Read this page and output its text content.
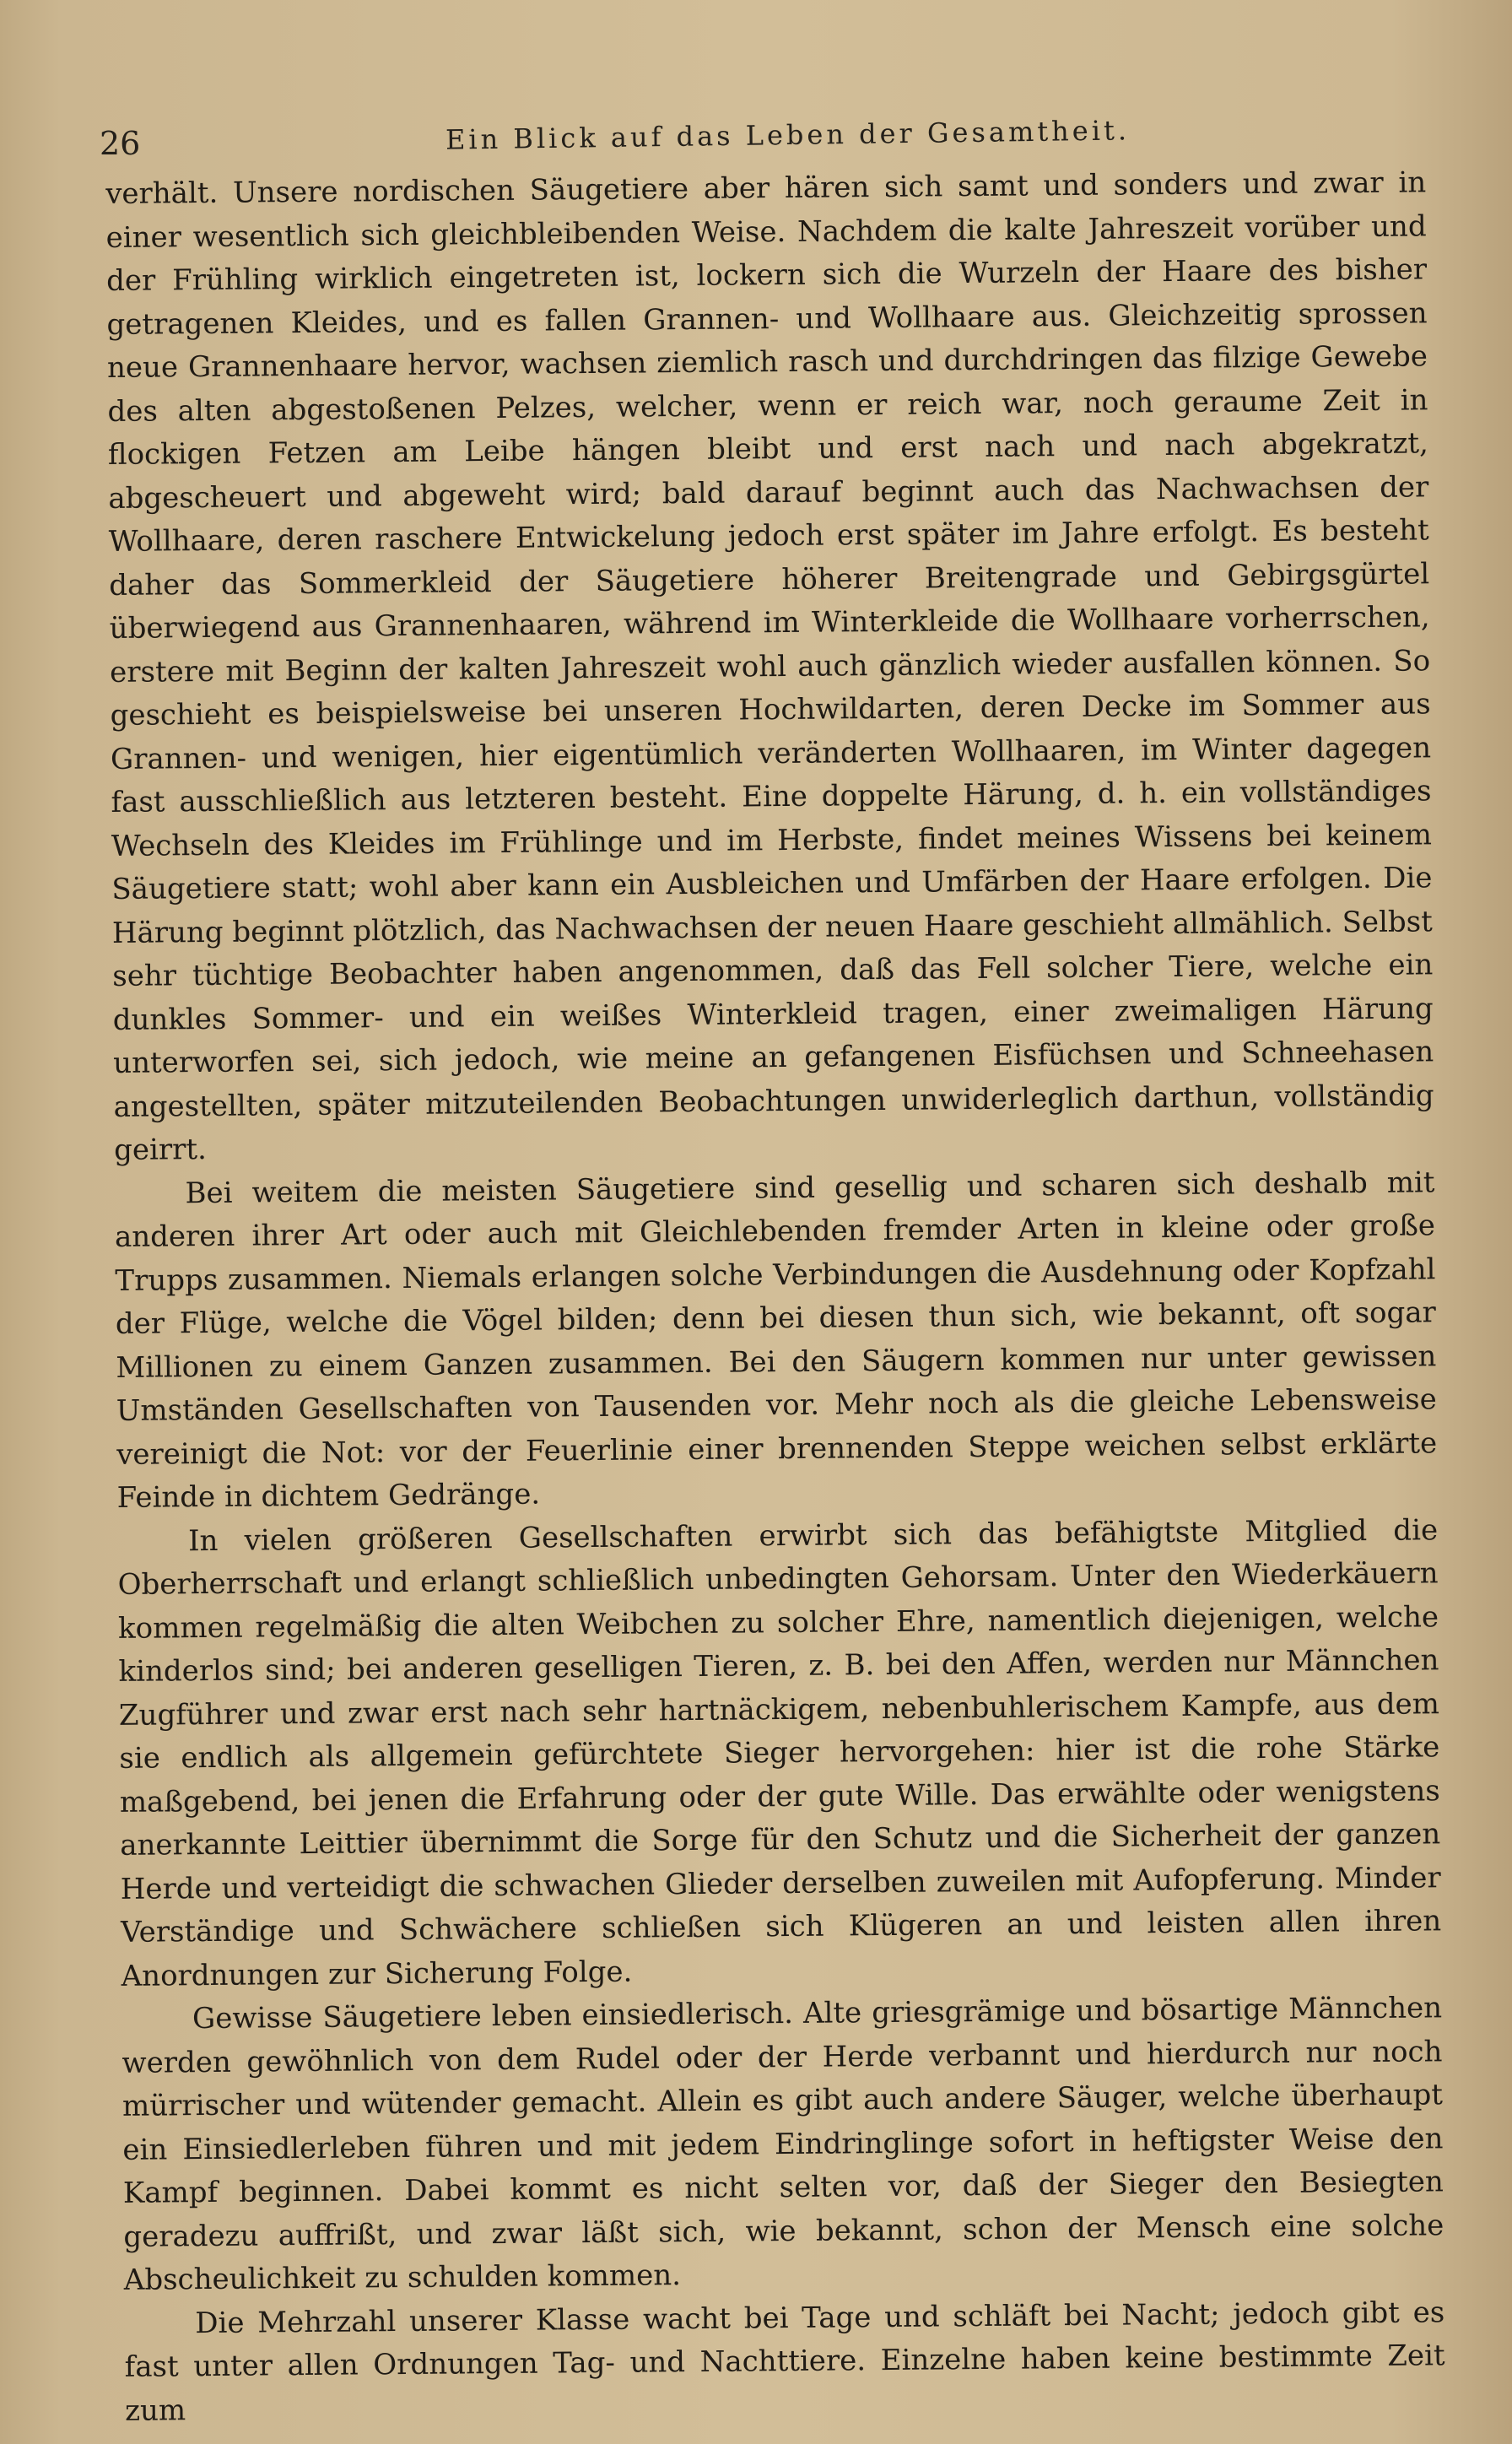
26	Ein Blick auf das Leben der Gesamtheit.

verhält. Unsere nordischen Säugetiere aber hären sich samt und sonders und zwar in einer wesentlich sich gleichbleibenden Weise. Nachdem die kalte Jahreszeit vorüber und der Frühling wirklich eingetreten ist, lockern sich die Wurzeln der Haare des bisher getragenen Kleides, und es fallen Grannen- und Wollhaare aus. Gleichzeitig sprossen neue Grannenhaare hervor, wachsen ziemlich rasch und durchdringen das filzige Gewebe des alten abgestoßenen Pelzes, welcher, wenn er reich war, noch geraume Zeit in flockigen Fetzen am Leibe hängen bleibt und erst nach und nach abgekratzt, abgescheuert und abgeweht wird; bald darauf beginnt auch das Nachwachsen der Wollhaare, deren raschere Entwickelung jedoch erst später im Jahre erfolgt. Es besteht daher das Sommerkleid der Säugetiere höherer Breitengrade und Gebirgsgürtel überwiegend aus Grannenhaaren, während im Winterkleide die Wollhaare vorherrschen, erstere mit Beginn der kalten Jahreszeit wohl auch gänzlich wieder ausfallen können. So geschieht es beispielsweise bei unseren Hochwildarten, deren Decke im Sommer aus Grannen- und wenigen, hier eigentümlich veränderten Wollhaaren, im Winter dagegen fast ausschließlich aus letzteren besteht. Eine doppelte Härung, d. h. ein vollständiges Wechseln des Kleides im Frühlinge und im Herbste, findet meines Wissens bei keinem Säugetiere statt; wohl aber kann ein Ausbleichen und Umfärben der Haare erfolgen. Die Härung beginnt plötzlich, das Nachwachsen der neuen Haare geschieht allmählich. Selbst sehr tüchtige Beobachter haben angenommen, daß das Fell solcher Tiere, welche ein dunkles Sommer- und ein weißes Winterkleid tragen, einer zweimaligen Härung unterworfen sei, sich jedoch, wie meine an gefangenen Eisfüchsen und Schneehasen angestellten, später mitzuteilenden Beobachtungen unwiderleglich darthun, vollständig geirrt.

Bei weitem die meisten Säugetiere sind gesellig und scharen sich deshalb mit anderen ihrer Art oder auch mit Gleichlebenden fremder Arten in kleine oder große Trupps zusammen. Niemals erlangen solche Verbindungen die Ausdehnung oder Kopfzahl der Flüge, welche die Vögel bilden; denn bei diesen thun sich, wie bekannt, oft sogar Millionen zu einem Ganzen zusammen. Bei den Säugern kommen nur unter gewissen Umständen Gesellschaften von Tausenden vor. Mehr noch als die gleiche Lebensweise vereinigt die Not: vor der Feuerlinie einer brennenden Steppe weichen selbst erklärte Feinde in dichtem Gedränge.

In vielen größeren Gesellschaften erwirbt sich das befähigtste Mitglied die Oberherrschaft und erlangt schließlich unbedingten Gehorsam. Unter den Wiederkäuern kommen regelmäßig die alten Weibchen zu solcher Ehre, namentlich diejenigen, welche kinderlos sind; bei anderen geselligen Tieren, z. B. bei den Affen, werden nur Männchen Zugführer und zwar erst nach sehr hartnäckigem, nebenbuhlerischem Kampfe, aus dem sie endlich als allgemein gefürchtete Sieger hervorgehen: hier ist die rohe Stärke maßgebend, bei jenen die Erfahrung oder der gute Wille. Das erwählte oder wenigstens anerkannte Leittier übernimmt die Sorge für den Schutz und die Sicherheit der ganzen Herde und verteidigt die schwachen Glieder derselben zuweilen mit Aufopferung. Minder Verständige und Schwächere schließen sich Klügeren an und leisten allen ihren Anordnungen zur Sicherung Folge.

Gewisse Säugetiere leben einsiedlerisch. Alte griesgrämige und bösartige Männchen werden gewöhnlich von dem Rudel oder der Herde verbannt und hierdurch nur noch mürrischer und wütender gemacht. Allein es gibt auch andere Säuger, welche überhaupt ein Einsiedlerleben führen und mit jedem Eindringlinge sofort in heftigster Weise den Kampf beginnen. Dabei kommt es nicht selten vor, daß der Sieger den Besiegten geradezu auffrißt, und zwar läßt sich, wie bekannt, schon der Mensch eine solche Abscheulichkeit zu schulden kommen.

Die Mehrzahl unserer Klasse wacht bei Tage und schläft bei Nacht; jedoch gibt es fast unter allen Ordnungen Tag- und Nachttiere. Einzelne haben keine bestimmte Zeit zum
